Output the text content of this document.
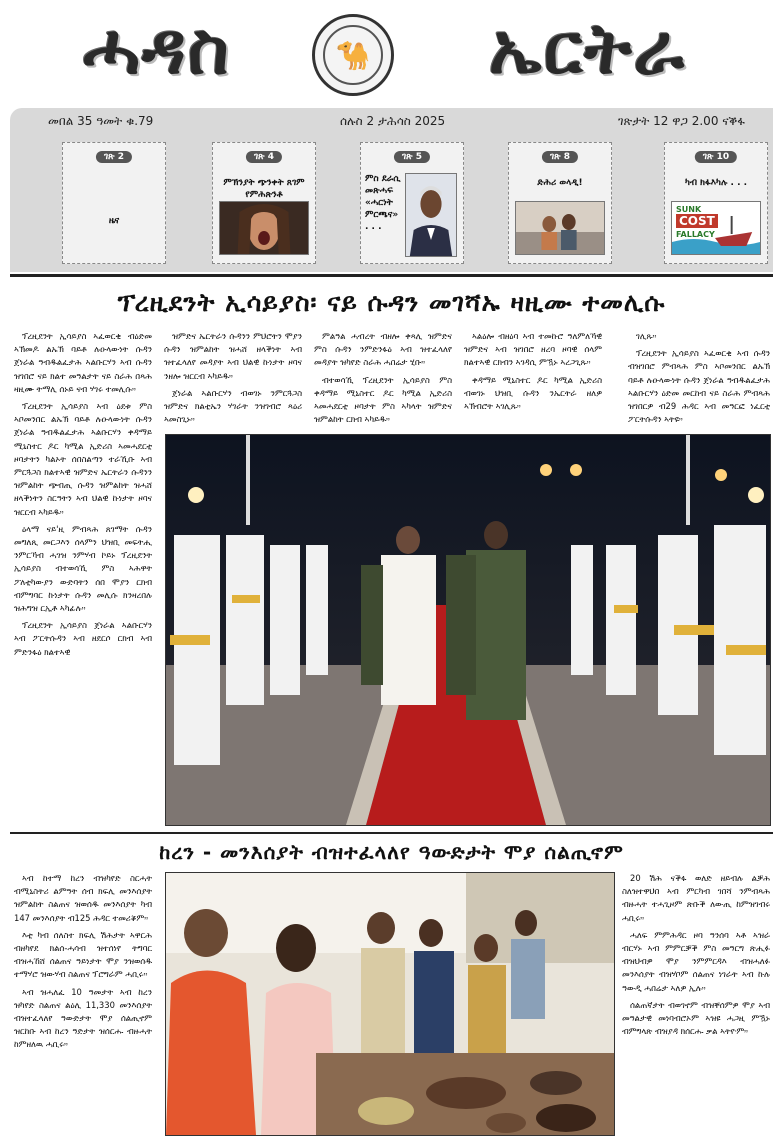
ሓዳስ	🐪	ኤርትራ
መበል 35 ዓመት ቁ.79	ሰሉስ 2 ታሕሳስ 2025	ገጽታት 12 ዋጋ 2.00 ናቕፋ
ገጽ 2
ዜና
ገጽ 4
ምኽንያት ጭንቀት ጸገም የምሕጽንቶ
ገጽ 5
ምስ ደራሲ መጽሓፍ «ሓርነት ምርጫና» . . .
ገጽ 8
ድሕሪ ወላዲ!
ገጽ 10
ካብ ክፋእካሉ . . .
SUNK
COST
FALLACY
ፕረዚደንት ኢሳይያስ፡ ናይ ሱዳን መገሻኡ ዛዚሙ ተመሊሱ

ፕረዚደንት ኢሳይያስ ኣፈወርቂ ብዕድመ ኣኽመዶ ልኡኽ ባይቶ ሉዑላውነት ሱዳን ጀነራል ዓብዱልፈታሕ ኣልቡርሃን ኣብ ሱዳን ዝገበሮ ናይ ክልተ መዓልታት ናይ ስራሕ በጻሕ ዛዚሙ ትማሊ ሰኑይ ናብ ሃገሩ ተመሊሱ።

ፕረዚደንት ኢሳይያስ ኣብ ዕደቱ ምስ ኣቦመንበር ልኡኽ ባይቶ ሉዑላውነት ሱዳን ጀነራል ዓብዱልፈታሕ ኣልቡርሃን ቀዳማይ ሚኒስተር ዶር ካሚል ኢድሪስ ኣመሓደርቲ ዞባታትን ካልኦት ሰበስልጣን ተራኺቡ ኣብ ምርጓጋስ ክልተኣዊ ዝምድና ኤርትራን ሱዳንን ዝምልከት ጭብጢ ሱዳን ዝምልከት ዝሓሸ ዘላቕነትን ስርዓትን ኣብ ህልዊ ኩነታት ዞባና ዝርርብ ኣካይዱ።

ዕላማ ናይ'ዚ ምብጻሕ ጸገማት ሱዳን መግለጺ መርጋእን ሰላምን ህዝቢ መፍትሒ ንምርኻብ ሓገዝ ንምሃብ ኮይኑ ፕረዚደንት ኢሳይያስ ብተወሳኺ ምስ ኣሕዋት ፖለቲካውያን ውድባትን ሰበ ሞያን ርክብ ብምግባር ኩነታት ሱዳን መሊሱ ክንዛረበሉ ዝሕግዝ ርኢቶ ኣካፊሉ።

ፕረዚደንት ኢሳይያስ ጀነራል ኣልቡርሃን ኣብ ፖርትሱዳን ኣብ ዘደርሶ ርክብ ኣብ ምድንፋዕ ክልተኣዊ

ዝምድና ኤርትራን ሱዳንን ምህሮትን ሞያን ሱዳን ዝምልከት ዝሓሸ ዘላቕነት ኣብ ዝተፈላለየ መዳያት ኣብ ህልዊ ኩነታት ዞባና ንዘሎ ዝርርብ ኣካይዱ።

ጀነራል ኣልቡርሃን ብወገኑ ንምርጓጋስ ዝምድና ክልቲኤን ሃገራት ንዝገብሮ ጻዕሪ ኣመስጊኑ።

ምልዓል ሓብረት ብዘሎ ቀጻሊ ዝምድና ምስ ሱዳን ንምድንፋዕ ኣብ ዝተፈላለየ መዳያት ዝካየድ ስራሕ ሓበሬታ ሂቡ።

ብተወሳኺ ፕረዚደንት ኢሳይያስ ምስ ቀዳማይ ሚኒስተር ዶር ካሚል ኢድሪስ ኣመሓደርቲ ዞባታት ምስ ኣካላት ዝምድና ዝምልከት ርክብ ኣካይዱ።

ኣልዕሎ ብዘዕባ ኣብ ተመኩሮ ዓለምለኻዊ ዝምድና ኣብ ዝገበሮ ዘረባ ዞባዊ ሰላም ክልተኣዊ ርክብን ኣገዳሲ ምዃኑ ኣረጋጊጹ።

ቀዳማይ ሚኒስተር ዶር ካሚል ኢድሪስ ብወገኑ ህዝቢ ሱዳን ንኤርትራ ዘለዎ ኣኽብሮት ኣገሊጹ።

ገሊጹ።

ፕረዚደንት ኢሳይያስ ኣፈወርቂ ኣብ ሱዳን ብዝገበሮ ምብጻሕ ምስ ኣቦመንበር ልኡኽ ባይቶ ሉዑላውነት ሱዳን ጀነራል ዓብዱልፈታሕ ኣልቡርሃን ዕድመ መርከብ ናይ ስራሕ ምብጻሕ ዝገበርዎ ብ29 ሕዳር ኣብ መዓርፎ ነፈርቲ ፖርትሱዳን ኣትዩ።

ከረን - መንእሰያት ብዝተፈላለየ ዓውድታት ሞያ ሰልጢኖም

ኣብ ከተማ ከረን ብዝካየድ ስርሓት ብሚኒስትሪ ልምዓት ሰብ ክፍሊ መንእሰያት ዝምልከት ስልጠና ዝወሰዱ መንእሰያት ካብ 147 መንእሰያት ብ125 ሕዳር ተመሪቖም።

እቲ ካብ ሰለስተ ክፍሊ ሽሕታት ኣዋርሕ ብዘካየደ ክልሰ-ሓሳብ ዝተሰነየ ትግባር ብዝሓኸሸ ሰልጠና ዓይነታት ሞያ ንዝወሰዱ ተማሃሮ ዝውሃብ ስልጠና ፕሮግራም ሓቢሩ።

ኣብ ዝሓለፈ 10 ዓመታት ኣብ ከረን ዝካየድ ስልጠና ልዕሊ 11,330 መንእሰያት ብዝተፈላለየ ዓውድታት ሞያ ሰልጢኖም ዝርከቡ ኣብ ከረን ዓድታት ዝሰርሑ ብዙሓት ከምዘለዉ ሓቢሩ።

20 ሽሕ ናቕፋ ወለድ ዘይብሉ ልቓሕ ስለዝተዋህበ ኣብ ምርካብ ገበሻ ንምብጻሕ ብዙሓት ተሓጊዞም ጽቡቕ ለውጢ ከምዝገብሩ ሓቢሩ።

ሓለፍ ምምሕዳር ዞባ ዓንሰባ ኣቶ ኣዝራ ብርሃኑ ኣብ ምምርቓቕ ምስ መዓርግ ጽሒፉ ብዝህብዎ ሞያ ንምምርዳእ ብዝሓለፉ መንእሰያት ብዝሃቦም ሰልጠና ነገራት ኣብ ኩሉ ዓውዲ ሓበሬታ ኣለዎ ኢሉ።

ሰልጠኛታት ብወገኖም ብዝቐሰምዎ ሞያ ኣብ መዓልታዊ መነባብሮኦም ኣዝዩ ሓጋዚ ምዃኑ ብምግላጽ ብዝያዳ ክሰርሑ ቃል ኣትዮም።
